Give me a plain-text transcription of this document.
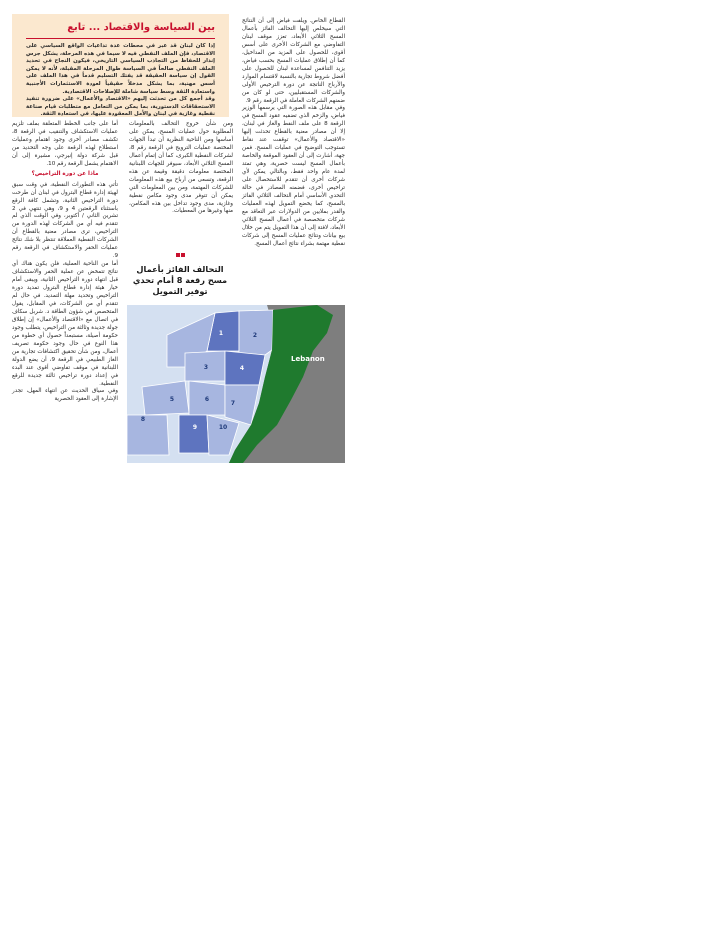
القطاع الخاص. ويلفت فياض إلى أن النتائج التي سيخلص إليها التحالف الفائز بأعمال المسح الثلاثي الأبعاد، تعزز موقف لبنان التفاوضي مع الشركات الأخرى على أسس أقوى، للحصول على المزيد من المداخيل، كما أن إطلاق عمليات المسح بحسب فياض، يزيد التنافس لمساعدة لبنان للحصول على أفضل شروط تجارية بالنسبة لاقتسام الموارد والأرباح الناتجة عن دورة الترخيص الأولى والشركات المستقبليين، حتى لو كان من ضمنهم الشركات العاملة في الرقعة رقم 9.

وفي مقابل هذه الصورة التي يرسمها الوزير فياض، والزخم الذي تضفيه عقود المسح في الرقعة 8 على ملف النفط والغاز في لبنان، إلا أن مصادر معنية بالقطاع تحدثت إليها «الاقتصاد والأعمال» توقفت عند نقاط تستوجب التوضيح في عمليات المسح. فمن جهة، أشارت إلى أن العقود الموقعة والخاصة بأعمال المسح ليست حصرية، وهي تمتد لمدة عام واحد فقط، وبالتالي يمكن لأي شركات أخرى أن تتقدم للاستحصال على تراخيص أخرى، فضمنه المصادر في حالة التحدي الأساسي أمام التحالف الثلاثي الفائز بالمسح، كما يخضع التمويل لهذه العمليات والقدر بملايين من الدولارات عبر التعاقد مع شركات متخصصة في أعمال المسح الثلاثي الأبعاد، لافتة إلى أن هذا التمويل يتم من خلال بيع بيانات ونتائج عمليات المسح إلى شركات نفطية مهتمة بشراء نتائج أعمال المسح.

بين السياسة والاقتصاد ... تابع

إذا كان لبنان قد عبر في محطات عدة تداعيات الواقع السياسي على الاقتصاد، فإن الملف النفطي فيه لا سيما في هذه المرحلة، يشكل جرس إنذار للحفاظ من التجاذب السياسي التاريخي، فيكون النجاح في تحديد الملف النفطي صالحاً في السياسة طوال المرحلة المقبلة، لأنه لا يمكن القول إن سياسة الحقيقة قد يفتك التسليم قدماً في هذا الملف على أسس مهنية، بما يشكل مدخلاً حقيقياً لعودة الاستثمارات الأجنبية واستعادة الثقة وسط سياسة شاملة للإصلاحات الاقتصادية.

وقد أجمع كل من تحدثت إليهم «الاقتصاد والأعمال» على ضرورة تنفيذ الاستحقاقات الدستورية، بما يمكن من التعامل مع متطلبات قيام صناعة نفطية وغازية في لبنان والأمل المعقودة عليها، في استعادة الثقة.

ومن شأن خروج التحالف بالمعلومات المطلوبة حول عمليات المسح، يمكن على أساسها ومن الناحية النظرية أن تبدأ الجهات المختصة عمليات الترويج في الرقعة رقم 8، لشركات النفطية الكبرى، كما أن إتمام أعمال المسح الثلاثي الأبعاد، سيوفر للجهات اللبنانية المختصة معلومات دقيقة وقيمة عن هذه الرقعة، وتسعى من أرباح بيع هذه المعلومات للشركات المهتمة، ومن بين المعلومات التي يمكن أن تتوفر مدى وجود مكامن نفطية وغازية، مدى وجود تداخل بين هذه المكامن، منها وغيرها من المعطيات.

التحالف الفائز بأعمال مسح رقعة 8 أمام تحدي توفير التمويل

أما على جانب الخطط المتعلقة بملف تلزيم عمليات الاستكشاف والتنقيب في الرقعة 8، تكشف مصادر أخرى وجود اهتمام وعمليات استطلاع لهذه الرقعة على وجه التحديد من قبل شركة دولة إنيرجي، مشيرة إلى أن الاهتمام يشمل الرقعة رقم 10.

ماذا عن دورة التراخيص؟

تأتي هذه التطورات النفطية، في وقت سبق لهيئة إدارة قطاع البترول في لبنان أن طرحت دورة التراخيص الثانية، وتشمل كافة الرقع باستثناء الرقعتين 4 و 9، وهي تنتهي في 2 تشرين الثاني / أكتوبر، وفي الوقت الذي لم تتقدم فيه أي من الشركات لهذه الدورة من التراخيص، ترى مصادر معنية بالقطاع أن الشركات النفطية العملاقة تنتظر بلا شك نتائج عمليات الحفر والاستكشاف في الرقعة رقم 9.

أما من الناحية العملية، فلن يكون هناك أي نتائج تتمخض عن عملية الحفر والاستكشاف قبل انتهاء دورة التراخيص الثانية، ويبقى أمام خيار هيئة إدارة قطاع البترول تمديد دورة التراخيص وتحديد مهلة التمديد. في حال لم تتقدم أي من الشركات، في المقابل، يقول المتخصص في شؤون الطاقة د. شربل سكاف في اتصال مع «الاقتصاد والأعمال» إن إطلاق جولة جديدة وثالثة من التراخيص، يتطلب وجود حكومة أصيلة، مستبعداً حصول أي خطوة من هذا النوع في حال وجود حكومة تصريف أعمال، ومن شأن تحقيق اكتشافات تجارية من الغاز الطبيعي في الرقعة 9، أن يضع الدولة اللبنانية في موقف تفاوضي أقوى عند البدء في إعداد دورة تراخيص ثالثة جديدة للرقع النفطية.

وفي سياق الحديث عن انتهاء المهل، تجدر الإشارة إلى العقود الحصرية

1	2
3	4
5	6
7
8
9	10
Lebanon
